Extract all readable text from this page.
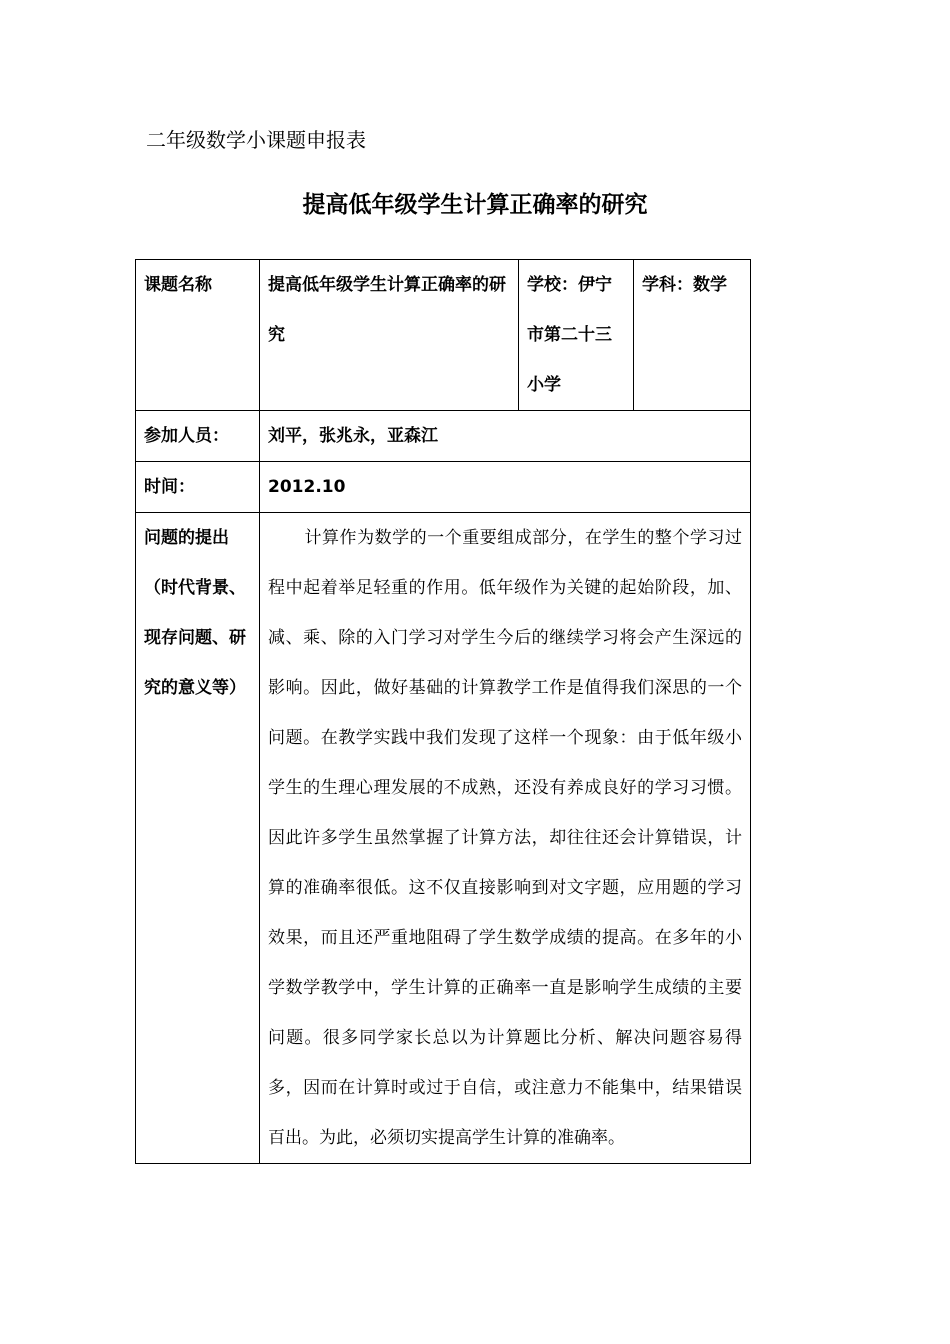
二年级数学小课题申报表
提高低年级学生计算正确率的研究
课题名称	提高低年级学生计算正确率的研究	学校：伊宁市第二十三小学	学科：数学
参加人员：	刘平，张兆永，亚森江		
时间：	2012.10		
问题的提出（时代背景、现存问题、研究的意义等）	计算作为数学的一个重要组成部分，在学生的整个学习过程中起着举足轻重的作用。低年级作为关键的起始阶段，加、减、乘、除的入门学习对学生今后的继续学习将会产生深远的影响。因此，做好基础的计算教学工作是值得我们深思的一个问题。在教学实践中我们发现了这样一个现象：由于低年级小学生的生理心理发展的不成熟，还没有养成良好的学习习惯。因此许多学生虽然掌握了计算方法，却往往还会计算错误，计算的准确率很低。这不仅直接影响到对文字题，应用题的学习效果，而且还严重地阻碍了学生数学成绩的提高。在多年的小学数学教学中，学生计算的正确率一直是影响学生成绩的主要问题。很多同学家长总以为计算题比分析、解决问题容易得多，因而在计算时或过于自信，或注意力不能集中，结果错误百出。为此，必须切实提高学生计算的准确率。		
